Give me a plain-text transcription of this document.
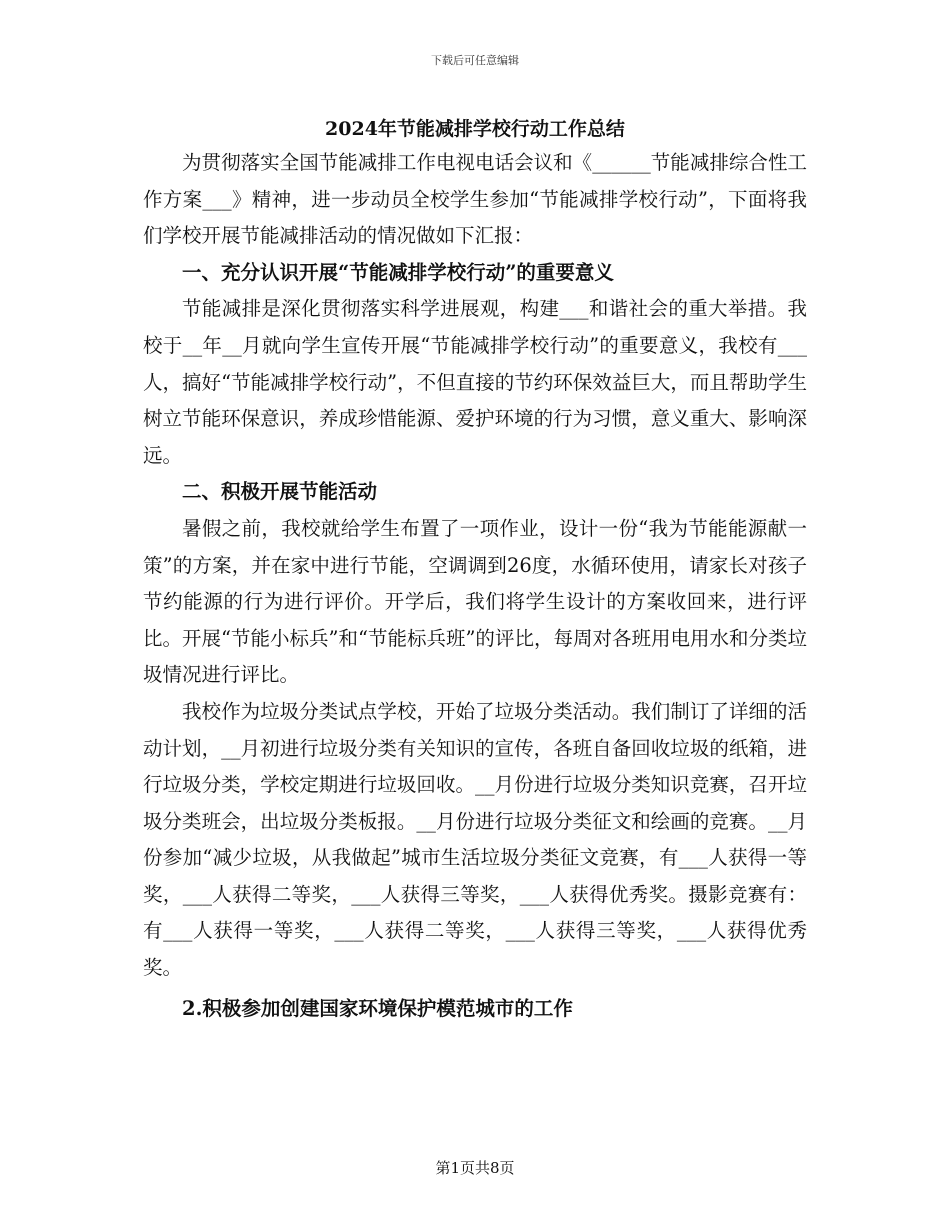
下载后可任意编辑
2024年节能减排学校行动工作总结

为贯彻落实全国节能减排工作电视电话会议和《______节能减排综合性工作方案___》精神，进一步动员全校学生参加“节能减排学校行动”，下面将我们学校开展节能减排活动的情况做如下汇报：

一、充分认识开展“节能减排学校行动”的重要意义

节能减排是深化贯彻落实科学进展观，构建___和谐社会的重大举措。我校于__年__月就向学生宣传开展“节能减排学校行动”的重要意义，我校有___人，搞好“节能减排学校行动”，不但直接的节约环保效益巨大，而且帮助学生树立节能环保意识，养成珍惜能源、爱护环境的行为习惯，意义重大、影响深远。

二、积极开展节能活动

暑假之前，我校就给学生布置了一项作业，设计一份“我为节能能源献一策”的方案，并在家中进行节能，空调调到26度，水循环使用，请家长对孩子节约能源的行为进行评价。开学后，我们将学生设计的方案收回来，进行评比。开展“节能小标兵”和“节能标兵班”的评比，每周对各班用电用水和分类垃圾情况进行评比。

我校作为垃圾分类试点学校，开始了垃圾分类活动。我们制订了详细的活动计划，__月初进行垃圾分类有关知识的宣传，各班自备回收垃圾的纸箱，进行垃圾分类，学校定期进行垃圾回收。__月份进行垃圾分类知识竞赛，召开垃圾分类班会，出垃圾分类板报。__月份进行垃圾分类征文和绘画的竞赛。__月份参加“减少垃圾，从我做起”城市生活垃圾分类征文竞赛，有___人获得一等奖，___人获得二等奖，___人获得三等奖，___人获得优秀奖。摄影竞赛有：有___人获得一等奖，___人获得二等奖，___人获得三等奖，___人获得优秀奖。

2.积极参加创建国家环境保护模范城市的工作

第1页共8页
